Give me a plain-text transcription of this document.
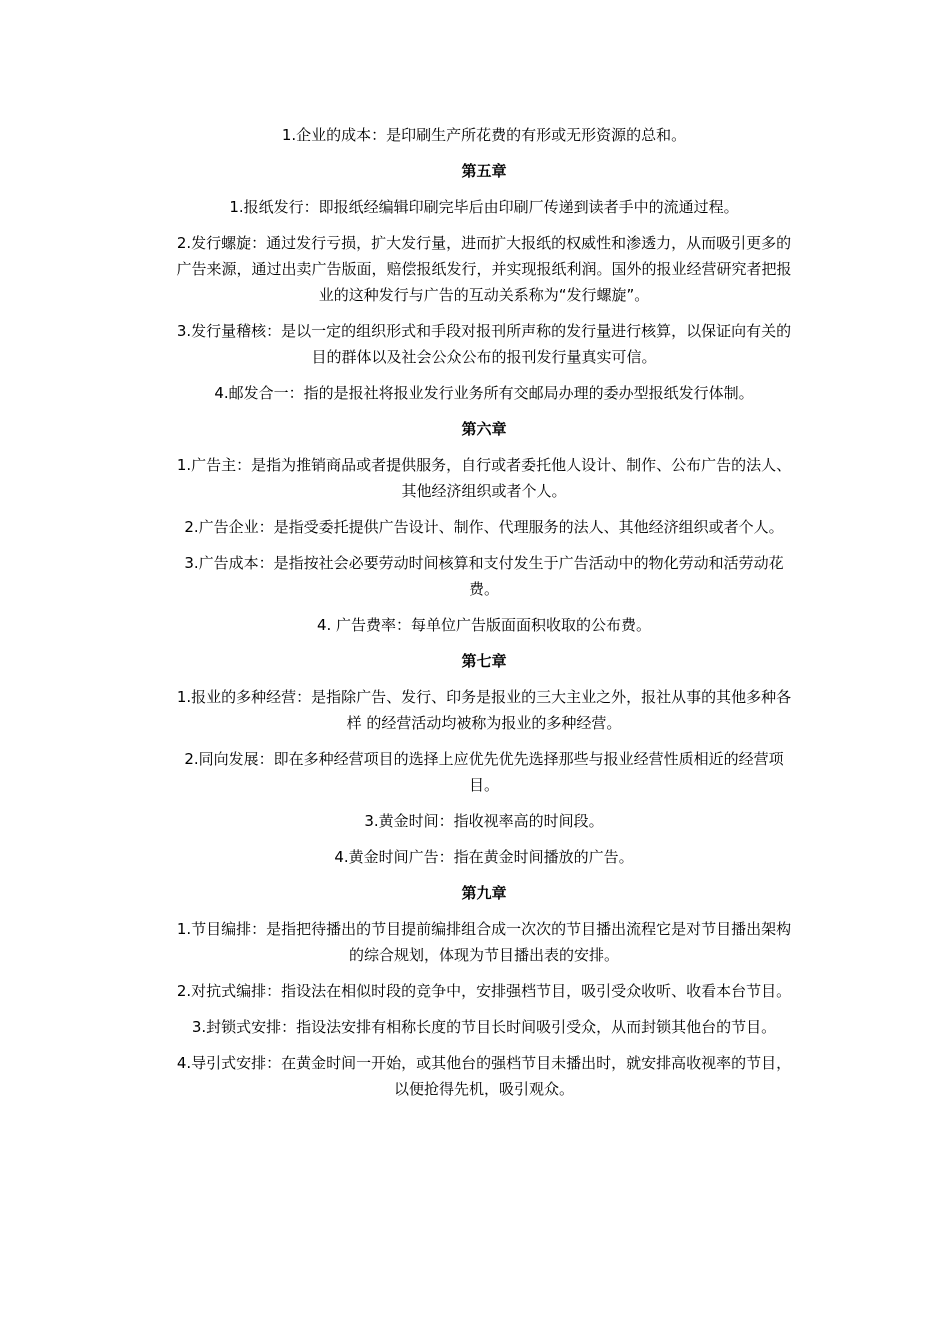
1.企业的成本：是印刷生产所花费的有形或无形资源的总和。

第五章

1.报纸发行：即报纸经编辑印刷完毕后由印刷厂传递到读者手中的流通过程。

2.发行螺旋：通过发行亏损，扩大发行量，进而扩大报纸的权威性和渗透力，从而吸引更多的广告来源，通过出卖广告版面，赔偿报纸发行，并实现报纸利润。国外的报业经营研究者把报业的这种发行与广告的互动关系称为“发行螺旋”。

3.发行量稽核：是以一定的组织形式和手段对报刊所声称的发行量进行核算，以保证向有关的目的群体以及社会公众公布的报刊发行量真实可信。

4.邮发合一：指的是报社将报业发行业务所有交邮局办理的委办型报纸发行体制。

第六章

1.广告主：是指为推销商品或者提供服务，自行或者委托他人设计、制作、公布广告的法人、其他经济组织或者个人。

2.广告企业：是指受委托提供广告设计、制作、代理服务的法人、其他经济组织或者个人。

3.广告成本：是指按社会必要劳动时间核算和支付发生于广告活动中的物化劳动和活劳动花费。

4. 广告费率：每单位广告版面面积收取的公布费。

第七章

1.报业的多种经营：是指除广告、发行、印务是报业的三大主业之外，报社从事的其他多种各样 的经营活动均被称为报业的多种经营。

2.同向发展：即在多种经营项目的选择上应优先优先选择那些与报业经营性质相近的经营项目。

3.黄金时间：指收视率高的时间段。

4.黄金时间广告：指在黄金时间播放的广告。

第九章

1.节目编排：是指把待播出的节目提前编排组合成一次次的节目播出流程它是对节目播出架构的综合规划，体现为节目播出表的安排。

2.对抗式编排：指设法在相似时段的竞争中，安排强档节目，吸引受众收听、收看本台节目。

3.封锁式安排：指设法安排有相称长度的节目长时间吸引受众，从而封锁其他台的节目。

4.导引式安排：在黄金时间一开始，或其他台的强档节目未播出时，就安排高收视率的节目，以便抢得先机，吸引观众。
